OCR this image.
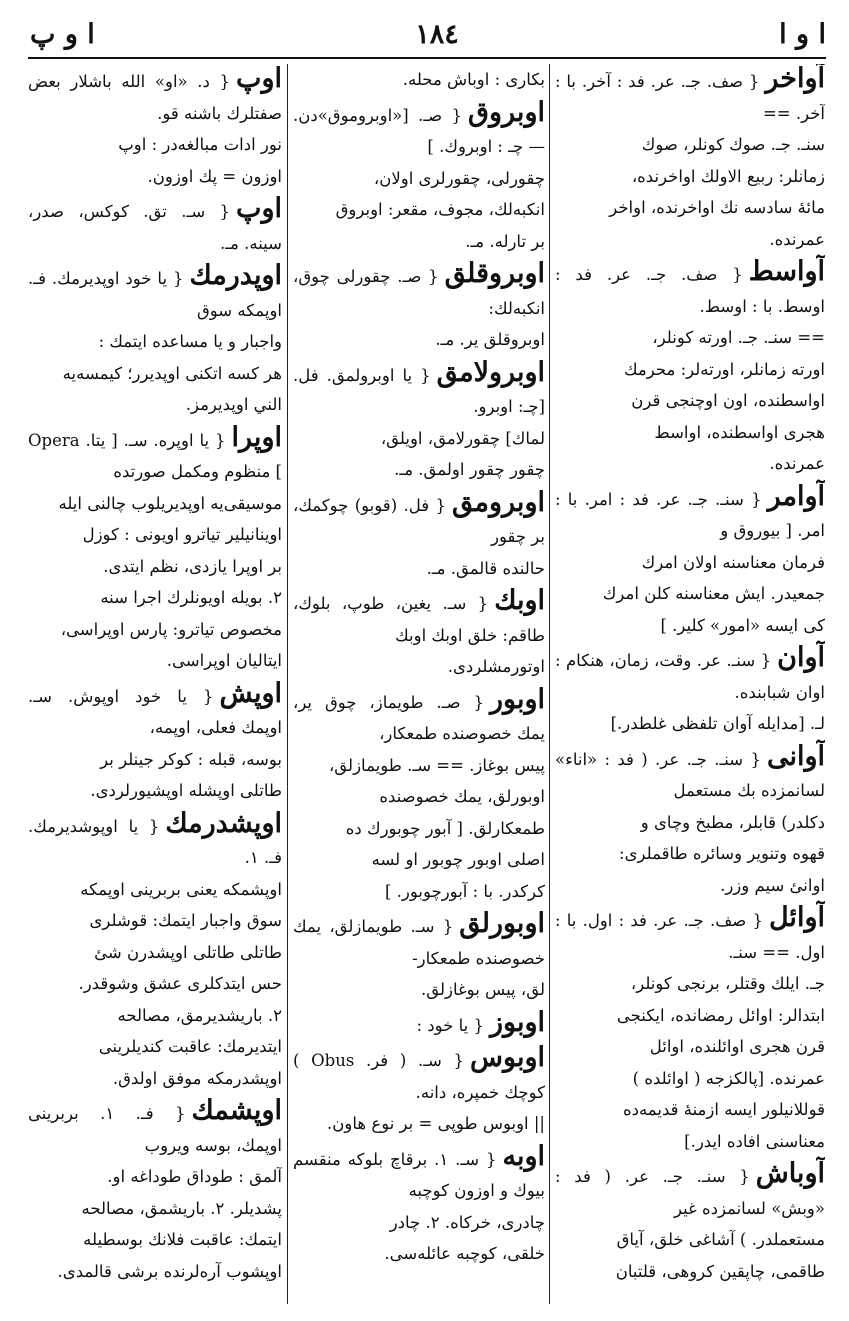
ا و پ	١٨٤	ا و ا
آواخر{ صف. جـ. عر. فد : آخر. با : آخر. ==
سنـ. جـ. صوك كونلر، صوك
زمانلر: ربيع الاولك اواخرنده،
مائهٔ سادسه نك اواخرنده، اواخر
عمرنده.
آواسط{ صف. جـ. عر. فد : اوسط. با : اوسط.
== سنـ. جـ. اورته كونلر،
اورته زمانلر، اورته‌لر: محرمك
اواسطنده، اون اوچنجى قرن
هجرى اواسطنده، اواسط
عمرنده.
آوامر{ سنـ. جـ. عر. فد : امر. با : امر. [ بيوروق و
فرمان معناسنه اولان امرك
جمعيدر. ايش معناسنه كلن امرك
كى ايسه «امور» كلير. ]
آوان{ سنـ. عر. وقت، زمان، هنكام : اوان شبابنده.
لـ. [مدايله آوان تلفظى غلطدر.]
آوانى{ سنـ. جـ. عر. ( فد : «اناء» لسانمزده بك مستعمل
دكلدر) قابلر، مطبخ وچاى و
قهوه وتنوير وسائره طاقملرى:
اوانئ سيم وزر.
آوائل{ صف. جـ. عر. فد : اول. با : اول. == سنـ.
جـ. ايلك وقتلر، برنجى كونلر،
ابتدالر: اوائل رمضانده، ايكنجى
قرن هجرى اوائلنده، اوائل
عمرنده. [پالكزجه ( اوائلده )
قوللانيلور ايسه ازمنهٔ قديمه‌ده
معناسنى افاده ايدر.]
آوباش{ سنـ. جـ. عر. ( فد : «وبش» لسانمزده غير
مستعملدر. ) آشاغى خلق، آياق
طاقمى، چاپقين كروهى، قلتبان
بكارى : اوباش محله.
اوبروق{ صـ. [«اوبروموق»دن. — چـ : اوبروك. ]
چقورلى، چقورلرى اولان،
انكبه‌لك، مجوف، مقعر: اوبروق
بر تارله. مـ.
اوبروقلق{ صـ. چقورلى چوق، انكبه‌لك:
اوبروقلق ير. مـ.
اوبرولامق{ يا اوبرولمق. فل. [چـ: اوبرو.
لماك] چقورلامق، اويلق،
چقور چقور اولمق. مـ.
اوبرومق{ فل. (قوبو) چوكمك، بر چقور
حالنده قالمق. مـ.
اوبك{ سـ. يغين، طوپ، بلوك، طاقم: خلق اوبك اوبك
اوتورمشلردى.
اوبور{ صـ. طويماز، چوق ير، يمك خصوصنده طمعكار،
پيس بوغاز. == سـ. طويمازلق،
اوبورلق، يمك خصوصنده
طمعكارلق. [ آبور چوبورك ده
اصلى اوبور چوبور او لسه
كركدر. با : آبورچوبور. ]
اوبورلق{ سـ. طويمازلق، يمك خصوصنده طمعكار-
لق، پيس بوغازلق.
اوبوز{ يا خود :
اوبوس{ سـ. ( فر. Obus ) كوچك خمپره، دانه.
|| اوبوس طوپى = بر نوع هاون.
اوبه{ سـ. ١. برقاچ بلوكه منقسم بيوك و اوزون كوچبه
چادرى، خركاه. ٢. چادر
خلقى، كوچبه عائله‌سى.
اوپ{ د. «او» الله باشلار بعض صفتلرك باشنه قو.
نور ادات مبالغه‌در : اوپ
اوزون = پك اوزون.
اوپ{ سـ. تق. كوكس، صدر، سينه. مـ.
اوپدرمك{ يا خود اوپديرمك. فـ. اوپمكه سوق
واجبار و يا مساعده ايتمك :
هر كسه اتكنى اوپديرر؛ كيمسه‌يه
الني اوپديرمز.
اوپرا{ يا اوپره. سـ. [ يتا. Opera ] منظوم ومكمل صورتده
موسيقى‌يه اوپديريلوب چالنى ايله
اوينانيلير تياترو اويونى : كوزل
بر اوپرا يازدى، نظم ايتدى.
٢. بويله اويونلرك اجرا سنه
مخصوص تياترو: پارس اوپراسى،
ايتاليان اوپراسى.
اوپش{ يا خود اوپوش. سـ. اوپمك فعلى، اوپمه،
بوسه، قبله : كوكر جينلر بر
طاتلى اوپشله اوپشيورلردى.
اوپشدرمك{ يا اوپوشديرمك. فـ. ١.
اوپشمكه يعنى بربرينى اوپمكه
سوق واجبار ايتمك: قوشلرى
طاتلى طاتلى اوپشدرن شئ
حس ايتدكلرى عشق وشوقدر.
٢. باريشديرمق، مصالحه
ايتديرمك: عاقبت كنديلرينى
اوپشدرمكه موفق اولدق.
اوپشمك{ فـ. ١. بربرينى اوپمك، بوسه ويروب
آلمق : طوداق طوداغه او.
پشديلر. ٢. باريشمق، مصالحه
ايتمك: عاقبت فلانك بوسطيله
اوپشوب آره‌لرنده برشى قالمدى.
